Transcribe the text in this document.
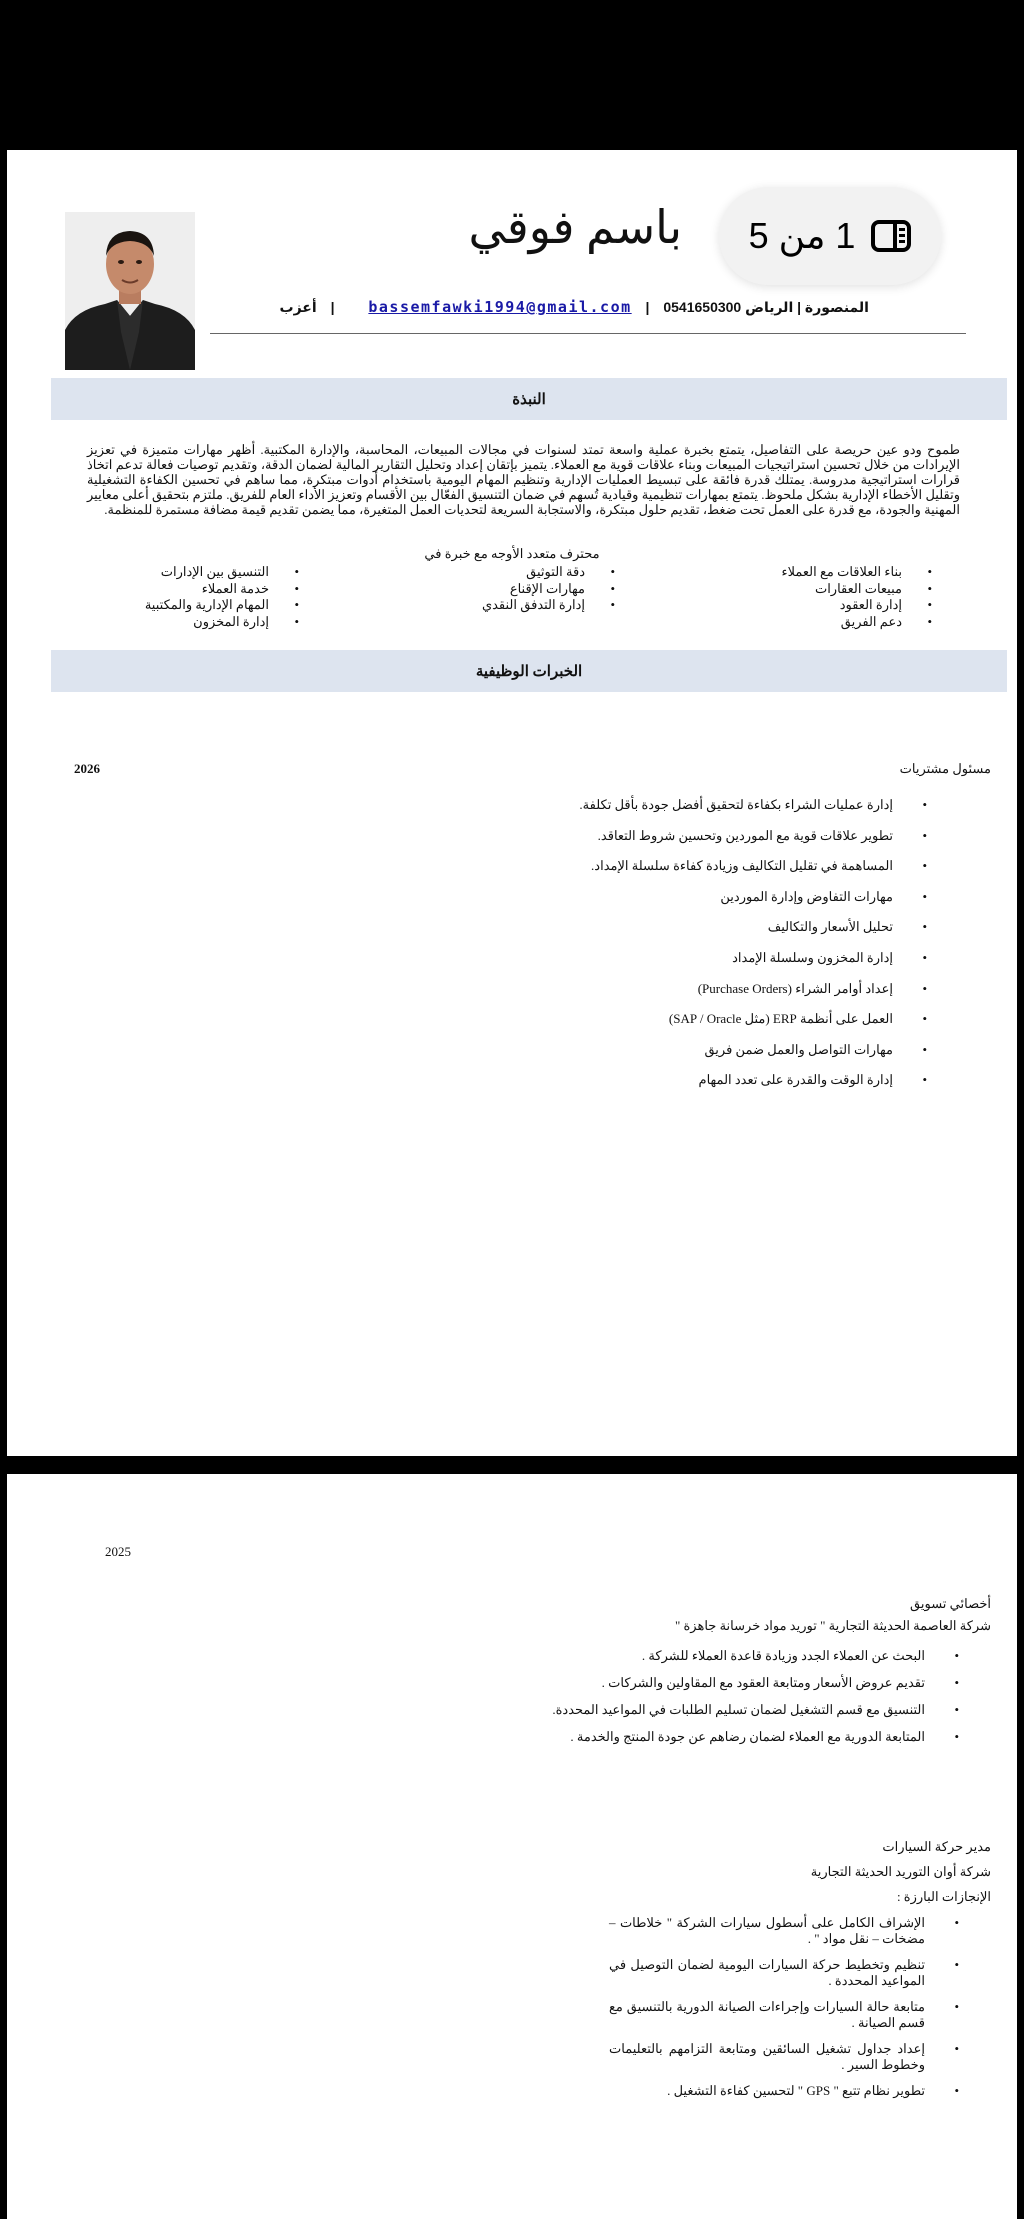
1 من 5
باسم فوقي
المنصورة | الرياض bassemfawki1994@gmail.com | 0541650300 | أعزب
النبذة
طموح ودو عين حريصة على التفاصيل، يتمتع بخبرة عملية واسعة تمتد لسنوات في مجالات المبيعات، المحاسبة، والإدارة المكتبية. أظهر مهارات متميزة في تعزيز الإيرادات من خلال تحسين استراتيجيات المبيعات وبناء علاقات قوية مع العملاء. يتميز بإتقان إعداد وتحليل التقارير المالية لضمان الدقة، وتقديم توصيات فعالة تدعم اتخاذ قرارات استراتيجية مدروسة. يمتلك قدرة فائقة على تبسيط العمليات الإدارية وتنظيم المهام اليومية باستخدام أدوات مبتكرة، مما ساهم في تحسين الكفاءة التشغيلية وتقليل الأخطاء الإدارية بشكل ملحوظ. يتمتع بمهارات تنظيمية وقيادية تُسهم في ضمان التنسيق الفعّال بين الأقسام وتعزيز الأداء العام للفريق. ملتزم بتحقيق أعلى معايير المهنية والجودة، مع قدرة على العمل تحت ضغط، تقديم حلول مبتكرة، والاستجابة السريعة لتحديات العمل المتغيرة، مما يضمن تقديم قيمة مضافة مستمرة للمنظمة.
محترف متعدد الأوجه مع خبرة في
• بناء العلاقات مع العملاء
• مبيعات العقارات
• إدارة العقود
• دعم الفريق
• دقة التوثيق
• مهارات الإقناع
• إدارة التدفق النقدي
• التنسيق بين الإدارات
• خدمة العملاء
• المهام الإدارية والمكتبية
• إدارة المخزون
الخبرات الوظيفية
مسئول مشتريات
2026
• إدارة عمليات الشراء بكفاءة لتحقيق أفضل جودة بأقل تكلفة.
• تطوير علاقات قوية مع الموردين وتحسين شروط التعاقد.
• المساهمة في تقليل التكاليف وزيادة كفاءة سلسلة الإمداد.
• مهارات التفاوض وإدارة الموردين
• تحليل الأسعار والتكاليف
• إدارة المخزون وسلسلة الإمداد
• إعداد أوامر الشراء (Purchase Orders)
• العمل على أنظمة ERP (مثل SAP / Oracle)
• مهارات التواصل والعمل ضمن فريق
• إدارة الوقت والقدرة على تعدد المهام
2025
أخصائي تسويق
شركة العاصمة الحديثة التجارية " توريد مواد خرسانة جاهزة "
• البحث عن العملاء الجدد وزيادة قاعدة العملاء للشركة .
• تقديم عروض الأسعار ومتابعة العقود مع المقاولين والشركات .
• التنسيق مع قسم التشغيل لضمان تسليم الطلبات في المواعيد المحددة.
• المتابعة الدورية مع العملاء لضمان رضاهم عن جودة المنتج والخدمة .
مدير حركة السيارات
شركة أوان التوريد الحديثة التجارية
الإنجازات البارزة :
• الإشراف الكامل على أسطول سيارات الشركة " خلاطات – مضخات – نقل مواد " .
• تنظيم وتخطيط حركة السيارات اليومية لضمان التوصيل في المواعيد المحددة .
• متابعة حالة السيارات وإجراءات الصيانة الدورية بالتنسيق مع قسم الصيانة .
• إعداد جداول تشغيل السائقين ومتابعة التزامهم بالتعليمات وخطوط السير .
• تطوير نظام تتبع " GPS " لتحسين كفاءة التشغيل .
